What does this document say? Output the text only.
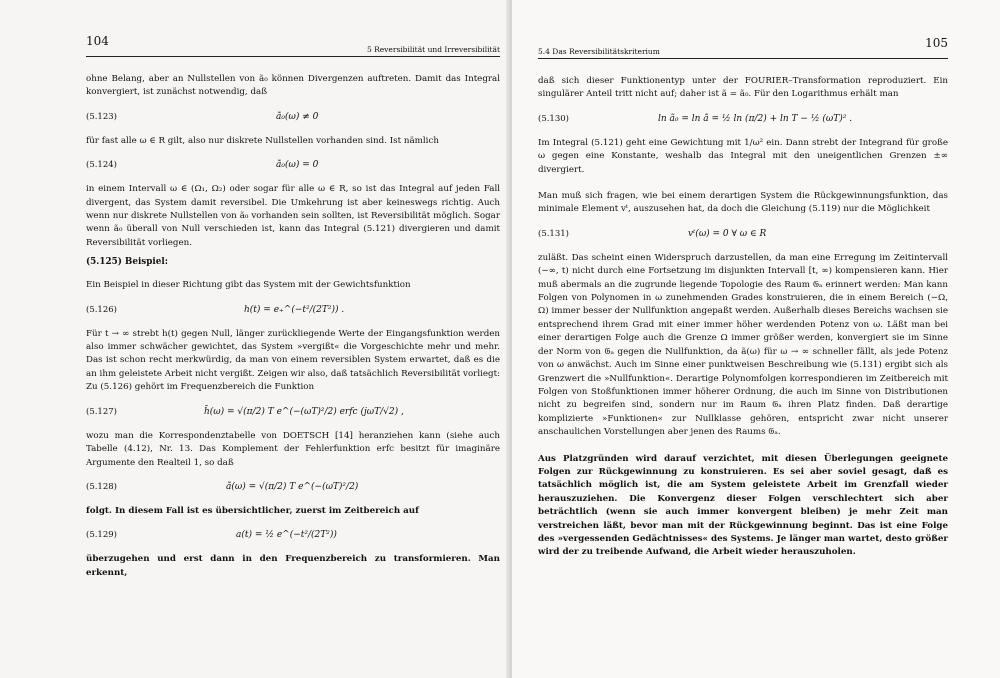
104
5 Reversibilität und Irreversibilität

ohne Belang, aber an Nullstellen von ã₀ können Divergenzen auftreten. Damit das Integral konvergiert, ist zunächst notwendig, daß

(5.123)	ã₀(ω) ≠ 0

für fast alle ω ∈ R gilt, also nur diskrete Nullstellen vorhanden sind. Ist nämlich

(5.124)	ã₀(ω) = 0

in einem Intervall ω ∈ (Ω₁, Ω₂) oder sogar für alle ω ∈ R, so ist das Integral auf jeden Fall divergent, das System damit reversibel. Die Umkehrung ist aber keineswegs richtig. Auch wenn nur diskrete Nullstellen von ã₀ vorhanden sein sollten, ist Reversibilität möglich. Sogar wenn ã₀ überall von Null verschieden ist, kann das Integral (5.121) divergieren und damit Reversibilität vorliegen.

(5.125) Beispiel:

Ein Beispiel in dieser Richtung gibt das System mit der Gewichtsfunktion

(5.126)	h(t) = e₊^(−t²/(2T²)) .

Für t → ∞ strebt h(t) gegen Null, länger zurückliegende Werte der Eingangsfunktion werden also immer schwächer gewichtet, das System »vergißt« die Vorgeschichte mehr und mehr. Das ist schon recht merkwürdig, da man von einem reversiblen System erwartet, daß es die an ihm geleistete Arbeit nicht vergißt. Zeigen wir also, daß tatsächlich Reversibilität vorliegt: Zu (5.126) gehört im Frequenzbereich die Funktion

(5.127)	h̃(ω) = √(π/2) T e^(−(ωT)²/2) erfc (jωT/√2) ,

wozu man die Korrespondenztabelle von DOETSCH [14] heranziehen kann (siehe auch Tabelle (4.12), Nr. 13. Das Komplement der Fehlerfunktion erfc besitzt für imaginäre Argumente den Realteil 1, so daß

(5.128)	ã(ω) = √(π/2) T e^(−(ωT)²/2)

folgt. In diesem Fall ist es übersichtlicher, zuerst im Zeitbereich auf

(5.129)	a(t) = ½ e^(−t²/(2T²))

überzugehen und erst dann in den Frequenzbereich zu transformieren. Man erkennt,

5.4 Das Reversibilitätskriterium
105

daß sich dieser Funktionentyp unter der FOURIER–Transformation reproduziert. Ein singulärer Anteil tritt nicht auf; daher ist ã = ã₀. Für den Logarithmus erhält man

(5.130)	ln ã₀ = ln ã = ½ ln (π/2) + ln T − ½ (ωT)² .

Im Integral (5.121) geht eine Gewichtung mit 1/ω² ein. Dann strebt der Integrand für große ω gegen eine Konstante, weshalb das Integral mit den uneigentlichen Grenzen ±∞ divergiert.

Man muß sich fragen, wie bei einem derartigen System die Rückgewinnungsfunktion, das minimale Element vᵗ, auszusehen hat, da doch die Gleichung (5.119) nur die Möglichkeit

(5.131)	vᵗ(ω) = 0 ∀ ω ∈ R

zuläßt. Das scheint einen Widerspruch darzustellen, da man eine Erregung im Zeitintervall (−∞, t) nicht durch eine Fortsetzung im disjunkten Intervall [t, ∞) kompensieren kann. Hier muß abermals an die zugrunde liegende Topologie des Raum 𝔊ₐ erinnert werden: Man kann Folgen von Polynomen in ω zunehmenden Grades konstruieren, die in einem Bereich (−Ω, Ω) immer besser der Nullfunktion angepaßt werden. Außerhalb dieses Bereichs wachsen sie entsprechend ihrem Grad mit einer immer höher werdenden Potenz von ω. Läßt man bei einer derartigen Folge auch die Grenze Ω immer größer werden, konvergiert sie im Sinne der Norm von 𝔊ₐ gegen die Nullfunktion, da ã(ω) für ω → ∞ schneller fällt, als jede Potenz von ω anwächst. Auch im Sinne einer punktweisen Beschreibung wie (5.131) ergibt sich als Grenzwert die »Nullfunktion«. Derartige Polynomfolgen korrespondieren im Zeitbereich mit Folgen von Stoßfunktionen immer höherer Ordnung, die auch im Sinne von Distributionen nicht zu begreifen sind, sondern nur im Raum 𝔊ₐ ihren Platz finden. Daß derartige komplizierte »Funktionen« zur Nullklasse gehören, entspricht zwar nicht unserer anschaulichen Vorstellungen aber jenen des Raums 𝔊ₐ.

Aus Platzgründen wird darauf verzichtet, mit diesen Überlegungen geeignete Folgen zur Rückgewinnung zu konstruieren. Es sei aber soviel gesagt, daß es tatsächlich möglich ist, die am System geleistete Arbeit im Grenzfall wieder herauszuziehen. Die Konvergenz dieser Folgen verschlechtert sich aber beträchtlich (wenn sie auch immer konvergent bleiben) je mehr Zeit man verstreichen läßt, bevor man mit der Rückgewinnung beginnt. Das ist eine Folge des »vergessenden Gedächtnisses« des Systems. Je länger man wartet, desto größer wird der zu treibende Aufwand, die Arbeit wieder herauszuholen.
